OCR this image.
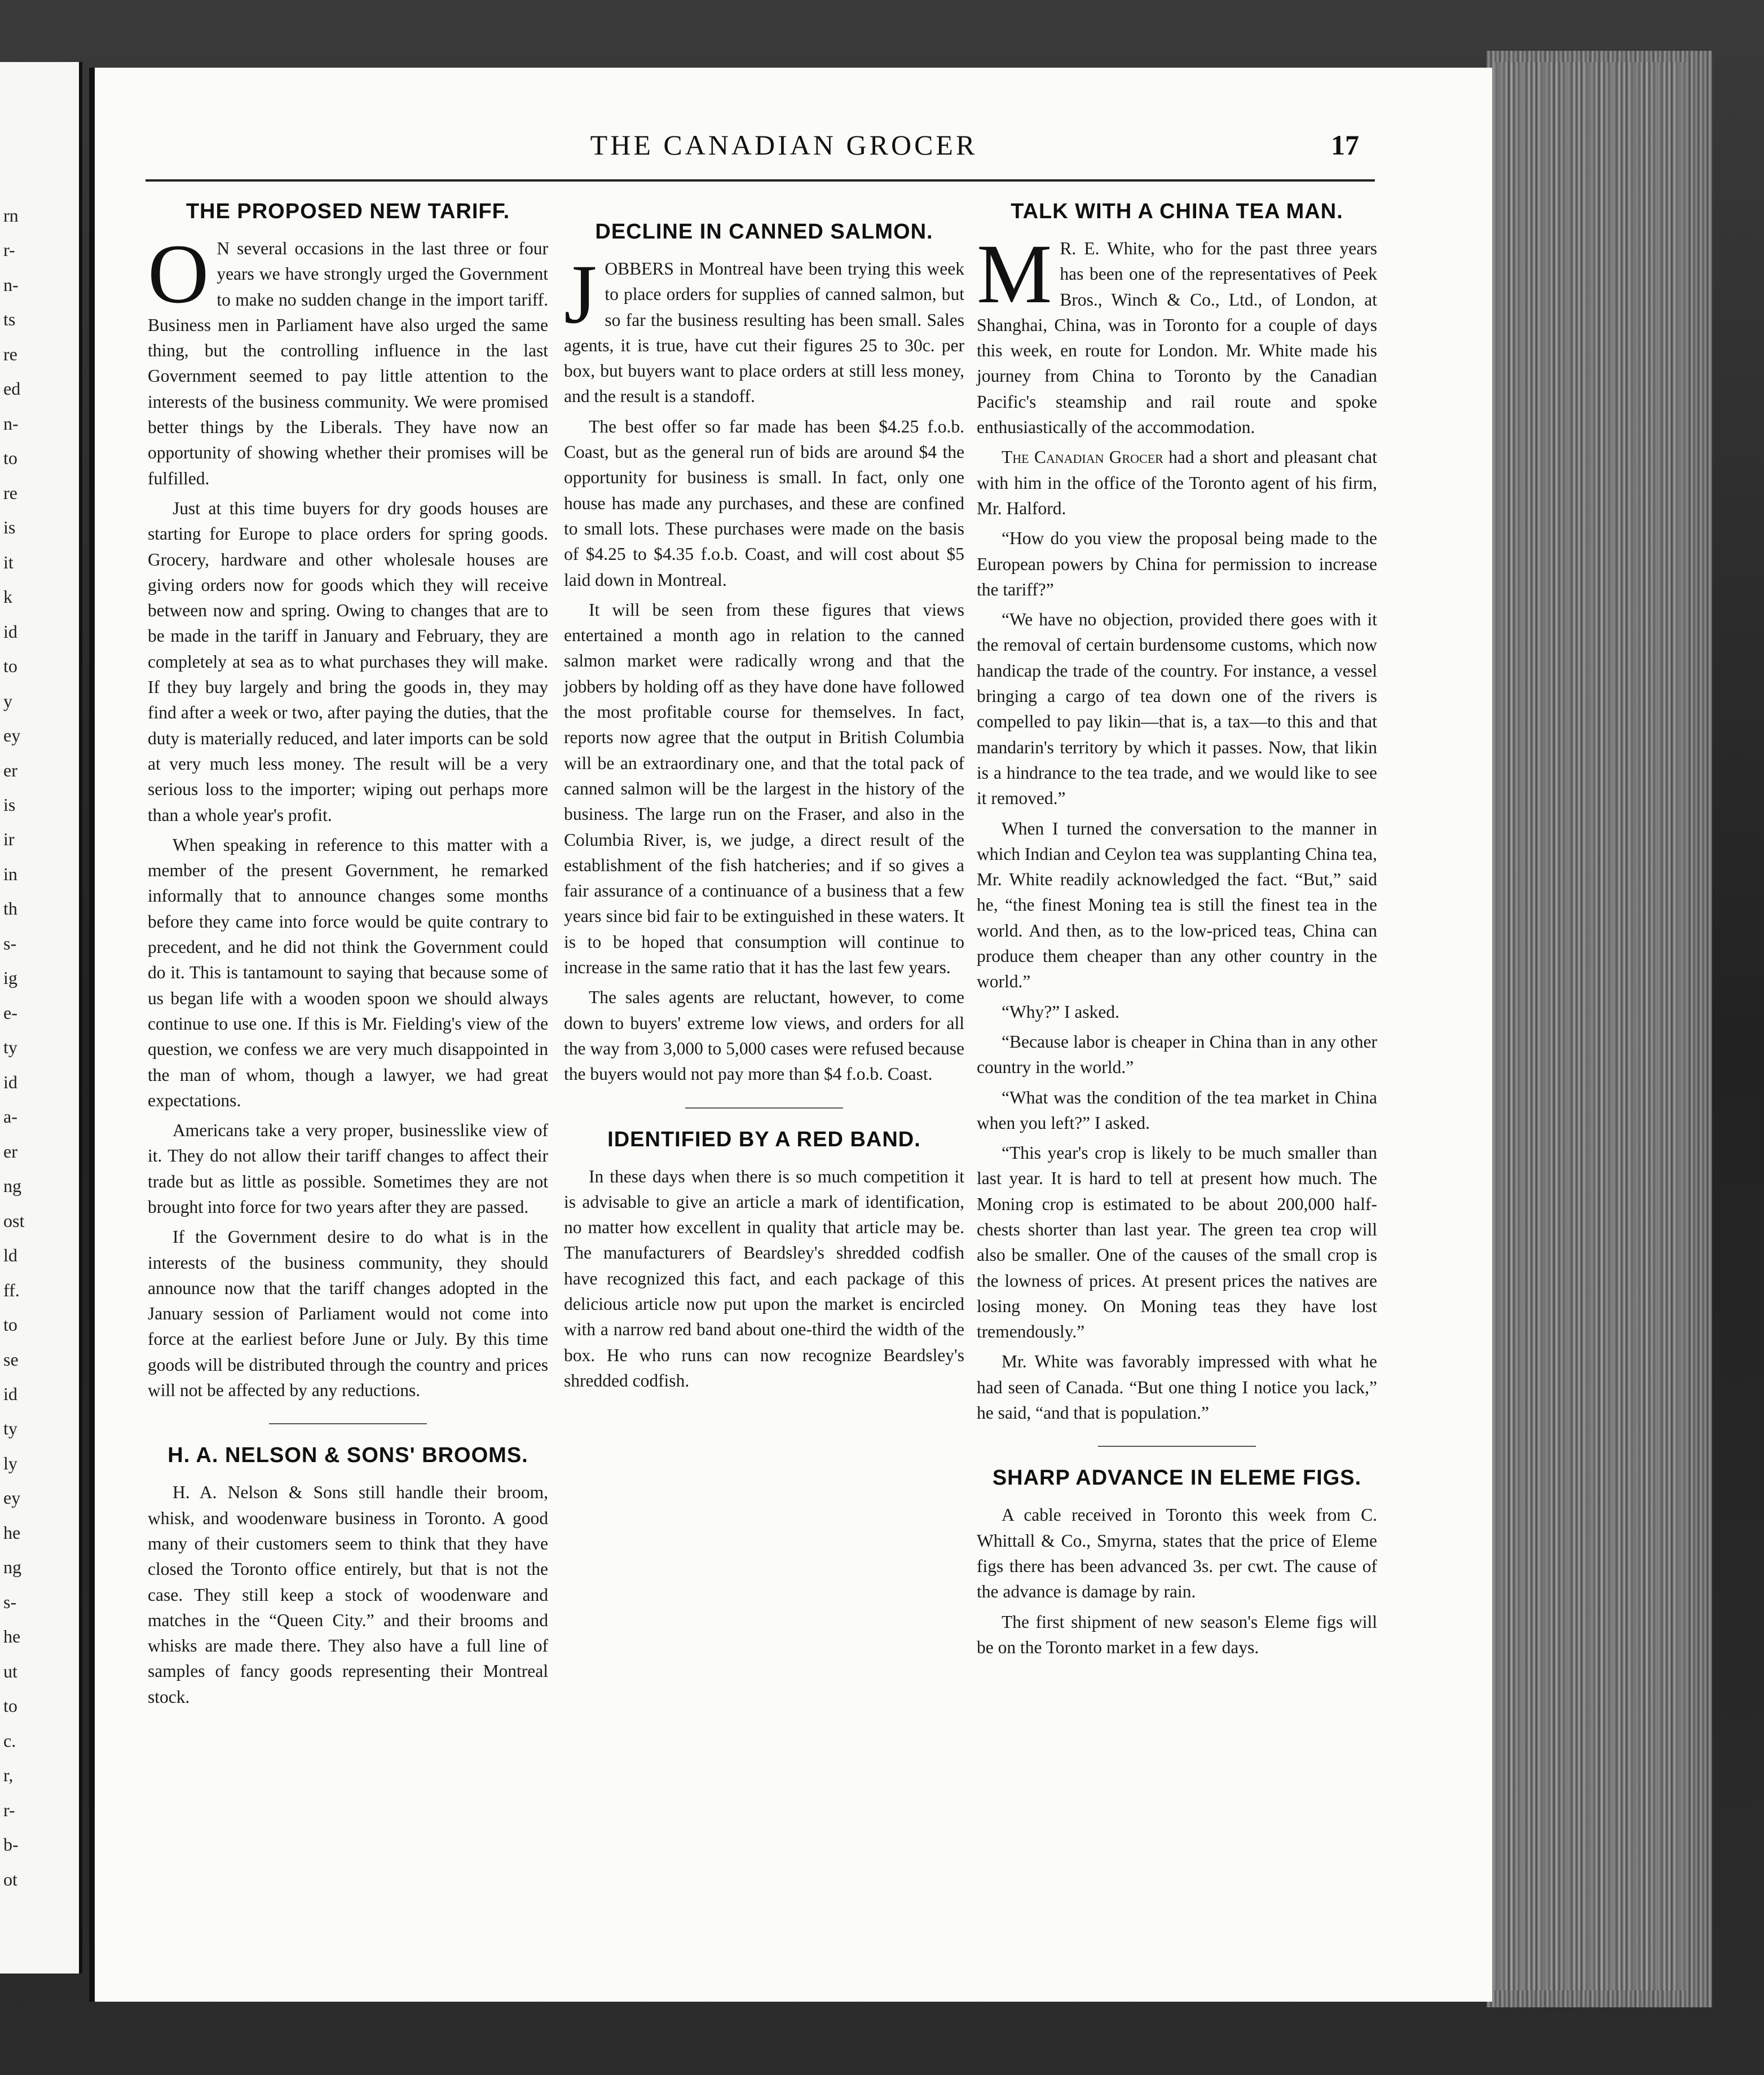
rn
r-
n-
ts
re
ed
n-
to
re
is
it
k
id
to
y
ey
er
is
ir
in
th
s-
ig
e-
ty
id
a-
er
ng
ost
ld
ff.
to
se
id
ty
ly
ey
he
ng
s-
he
ut
to
c.
r,
r-
b-
ot
THE CANADIAN GROCER	17
THE PROPOSED NEW TARIFF.

O N several occasions in the last three or four years we have strongly urged the Government to make no sudden change in the import tariff. Business men in Parliament have also urged the same thing, but the controlling influence in the last Government seemed to pay little attention to the interests of the business community. We were promised better things by the Liberals. They have now an opportunity of showing whether their promises will be fulfilled.

Just at this time buyers for dry goods houses are starting for Europe to place orders for spring goods. Grocery, hardware and other wholesale houses are giving orders now for goods which they will receive between now and spring. Owing to changes that are to be made in the tariff in January and February, they are completely at sea as to what purchases they will make. If they buy largely and bring the goods in, they may find after a week or two, after paying the duties, that the duty is materially reduced, and later imports can be sold at very much less money. The result will be a very serious loss to the importer; wiping out perhaps more than a whole year's profit.

When speaking in reference to this matter with a member of the present Government, he remarked informally that to announce changes some months before they came into force would be quite contrary to precedent, and he did not think the Government could do it. This is tantamount to saying that because some of us began life with a wooden spoon we should always continue to use one. If this is Mr. Fielding's view of the question, we confess we are very much disappointed in the man of whom, though a lawyer, we had great expectations.

Americans take a very proper, businesslike view of it. They do not allow their tariff changes to affect their trade but as little as possible. Sometimes they are not brought into force for two years after they are passed.

If the Government desire to do what is in the interests of the business community, they should announce now that the tariff changes adopted in the January session of Parliament would not come into force at the earliest before June or July. By this time goods will be distributed through the country and prices will not be affected by any reductions.

H. A. NELSON & SONS' BROOMS.

H. A. Nelson & Sons still handle their broom, whisk, and woodenware business in Toronto. A good many of their customers seem to think that they have closed the Toronto office entirely, but that is not the case. They still keep a stock of woodenware and matches in the “Queen City.” and their brooms and whisks are made there. They also have a full line of samples of fancy goods representing their Montreal stock.

DECLINE IN CANNED SALMON.

JOBBERS in Montreal have been trying this week to place orders for supplies of canned salmon, but so far the business resulting has been small. Sales agents, it is true, have cut their figures 25 to 30c. per box, but buyers want to place orders at still less money, and the result is a standoff.

The best offer so far made has been $4.25 f.o.b. Coast, but as the general run of bids are around $4 the opportunity for business is small. In fact, only one house has made any purchases, and these are confined to small lots. These purchases were made on the basis of $4.25 to $4.35 f.o.b. Coast, and will cost about $5 laid down in Montreal.

It will be seen from these figures that views entertained a month ago in relation to the canned salmon market were radically wrong and that the jobbers by holding off as they have done have followed the most profitable course for themselves. In fact, reports now agree that the output in British Columbia will be an extraordinary one, and that the total pack of canned salmon will be the largest in the history of the business. The large run on the Fraser, and also in the Columbia River, is, we judge, a direct result of the establishment of the fish hatcheries; and if so gives a fair assurance of a continuance of a business that a few years since bid fair to be extinguished in these waters. It is to be hoped that consumption will continue to increase in the same ratio that it has the last few years.

The sales agents are reluctant, however, to come down to buyers' extreme low views, and orders for all the way from 3,000 to 5,000 cases were refused because the buyers would not pay more than $4 f.o.b. Coast.

IDENTIFIED BY A RED BAND.

In these days when there is so much competition it is advisable to give an article a mark of identification, no matter how excellent in quality that article may be. The manufacturers of Beardsley's shredded codfish have recognized this fact, and each package of this delicious article now put upon the market is encircled with a narrow red band about one-third the width of the box. He who runs can now recognize Beardsley's shredded codfish.

TALK WITH A CHINA TEA MAN.

M R. E. White, who for the past three years has been one of the representatives of Peek Bros., Winch & Co., Ltd., of London, at Shanghai, China, was in Toronto for a couple of days this week, en route for London. Mr. White made his journey from China to Toronto by the Canadian Pacific's steamship and rail route and spoke enthusiastically of the accommodation.

The Canadian Grocer had a short and pleasant chat with him in the office of the Toronto agent of his firm, Mr. Halford.

“How do you view the proposal being made to the European powers by China for permission to increase the tariff?”

“We have no objection, provided there goes with it the removal of certain burdensome customs, which now handicap the trade of the country. For instance, a vessel bringing a cargo of tea down one of the rivers is compelled to pay likin—that is, a tax—to this and that mandarin's territory by which it passes. Now, that likin is a hindrance to the tea trade, and we would like to see it removed.”

When I turned the conversation to the manner in which Indian and Ceylon tea was supplanting China tea, Mr. White readily acknowledged the fact. “But,” said he, “the finest Moning tea is still the finest tea in the world. And then, as to the low-priced teas, China can produce them cheaper than any other country in the world.”

“Why?” I asked.

“Because labor is cheaper in China than in any other country in the world.”

“What was the condition of the tea market in China when you left?” I asked.

“This year's crop is likely to be much smaller than last year. It is hard to tell at present how much. The Moning crop is estimated to be about 200,000 half-chests shorter than last year. The green tea crop will also be smaller. One of the causes of the small crop is the lowness of prices. At present prices the natives are losing money. On Moning teas they have lost tremendously.”

Mr. White was favorably impressed with what he had seen of Canada. “But one thing I notice you lack,” he said, “and that is population.”

SHARP ADVANCE IN ELEME FIGS.

A cable received in Toronto this week from C. Whittall & Co., Smyrna, states that the price of Eleme figs there has been advanced 3s. per cwt. The cause of the advance is damage by rain.

The first shipment of new season's Eleme figs will be on the Toronto market in a few days.
